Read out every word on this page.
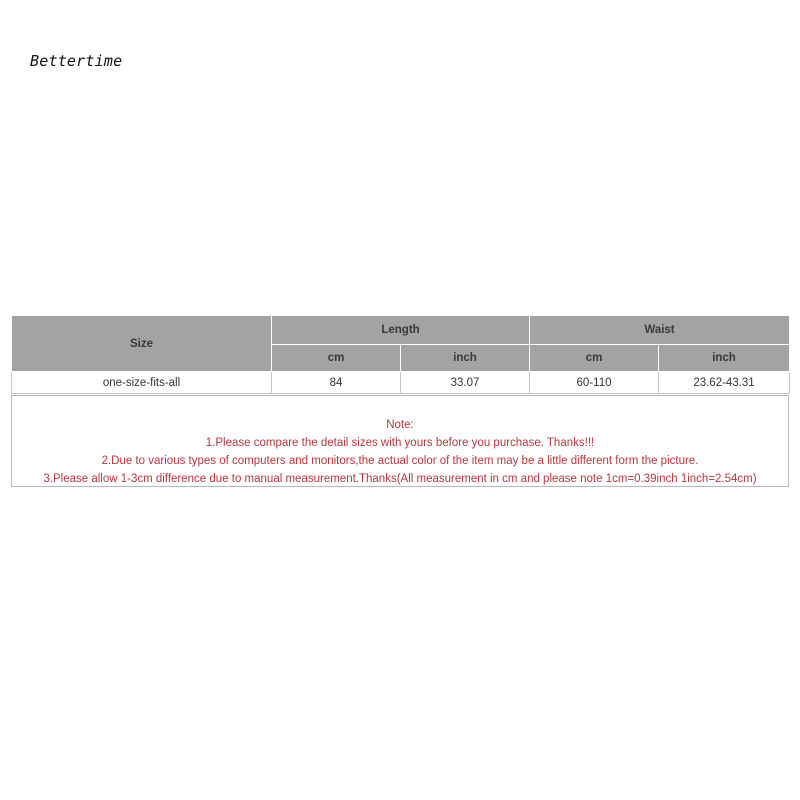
Bettertime
Size	Length		Waist	
	cm	inch	cm	inch
one-size-fits-all	84	33.07	60-110	23.62-43.31
Note:
1.Please compare the detail sizes with yours before you purchase. Thanks!!!
2.Due to various types of computers and monitors,the actual color of the item may be a little different form the picture.
3.Please allow 1-3cm difference due to manual measurement.Thanks(All measurement in cm and please note 1cm=0.39inch 1inch=2.54cm)
